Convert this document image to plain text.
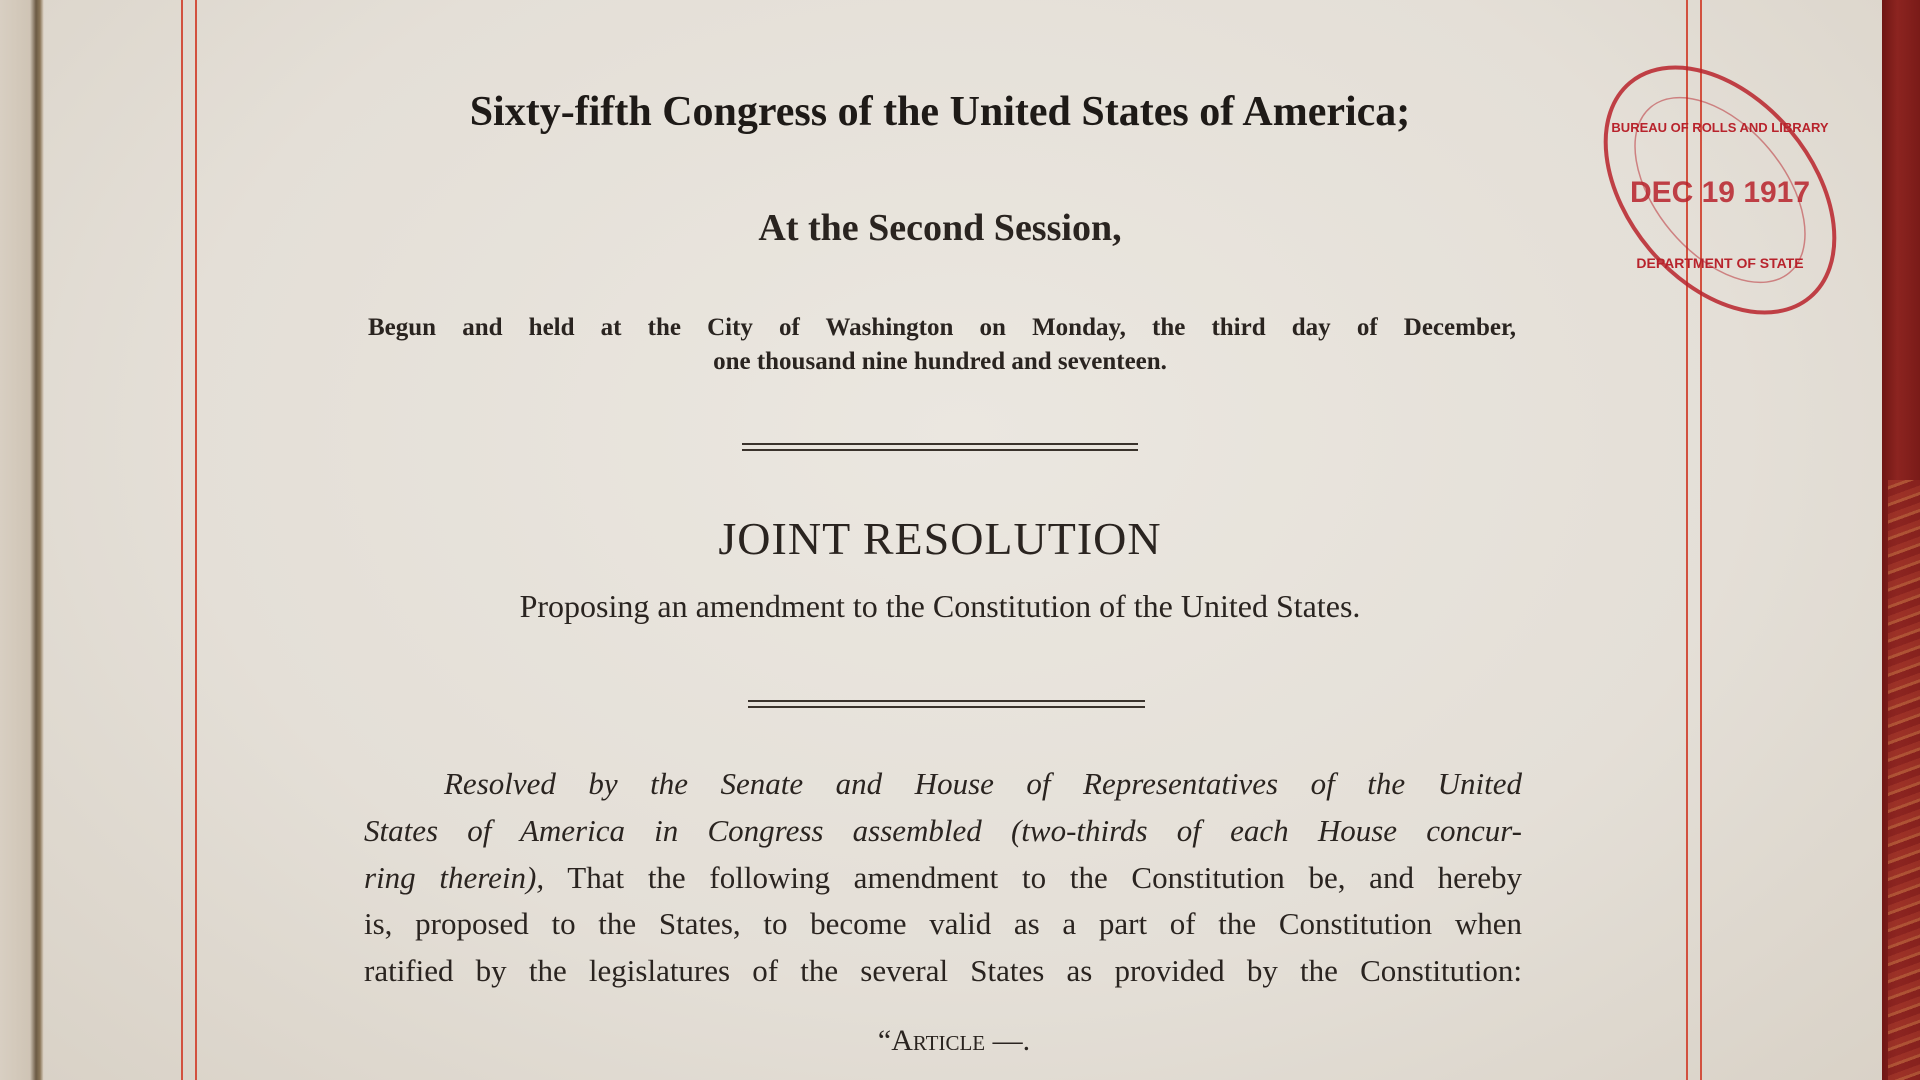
Sixty-fifth Congress of the United States of America;
At the Second Session,
Begun and held at the City of Washington on Monday, the third day of December,
one thousand nine hundred and seventeen.
JOINT RESOLUTION
Proposing an amendment to the Constitution of the United States.
Resolved by the Senate and House of Representatives of the United
States of America in Congress assembled (two-thirds of each House concur-
ring therein), That the following amendment to the Constitution be, and hereby
is, proposed to the States, to become valid as a part of the Constitution when
ratified by the legislatures of the several States as provided by the Constitution:
“Article —.
BUREAU OF ROLLS AND LIBRARY
DEC 19 1917
DEPARTMENT OF STATE
